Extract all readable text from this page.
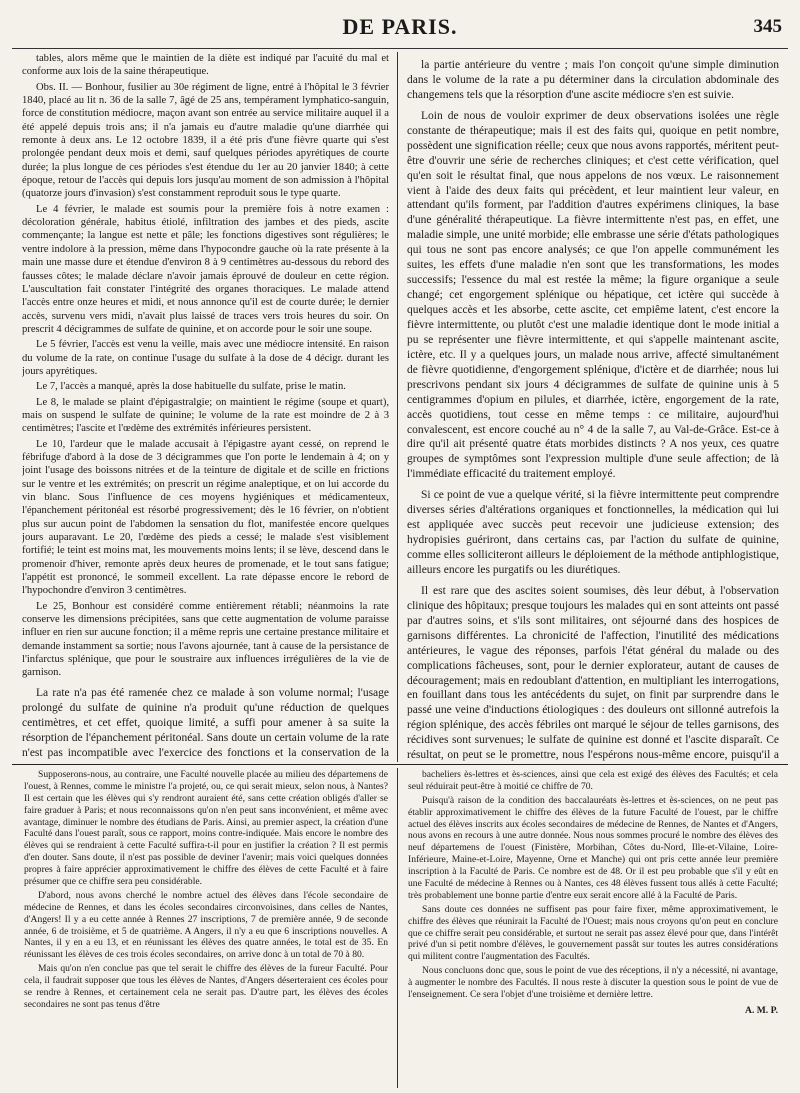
DE PARIS.	345

tables, alors même que le maintien de la diète est indiqué par l'acuité du mal et conforme aux lois de la saine thérapeutique.

Obs. II. — Bonhour, fusilier au 30e régiment de ligne, entré à l'hôpital le 3 février 1840, placé au lit n. 36 de la salle 7, âgé de 25 ans, tempérament lymphatico-sanguin, force de constitution médiocre, maçon avant son entrée au service militaire auquel il a été appelé depuis trois ans; il n'a jamais eu d'autre maladie qu'une diarrhée qui remonte à deux ans. Le 12 octobre 1839, il a été pris d'une fièvre quarte qui s'est prolongée pendant deux mois et demi, sauf quelques périodes apyrétiques de courte durée; la plus longue de ces périodes s'est étendue du 1er au 20 janvier 1840; à cette époque, retour de l'accès qui depuis lors jusqu'au moment de son admission à l'hôpital (quatorze jours d'invasion) s'est constamment reproduit sous le type quarte.

Le 4 février, le malade est soumis pour la première fois à notre examen : décoloration générale, habitus étiolé, infiltration des jambes et des pieds, ascite commençante; la langue est nette et pâle; les fonctions digestives sont régulières; le ventre indolore à la pression, même dans l'hypocondre gauche où la rate présente à la main une masse dure et étendue d'environ 8 à 9 centimètres au-dessous du rebord des fausses côtes; le malade déclare n'avoir jamais éprouvé de douleur en cette région. L'auscultation fait constater l'intégrité des organes thoraciques. Le malade attend l'accès entre onze heures et midi, et nous annonce qu'il est de courte durée; le dernier accès, survenu vers midi, n'avait plus laissé de traces vers trois heures du soir. On prescrit 4 décigrammes de sulfate de quinine, et on accorde pour le soir une soupe.

Le 5 février, l'accès est venu la veille, mais avec une médiocre intensité. En raison du volume de la rate, on continue l'usage du sulfate à la dose de 4 décigr. durant les jours apyrétiques.

Le 7, l'accès a manqué, après la dose habituelle du sulfate, prise le matin.

Le 8, le malade se plaint d'épigastralgie; on maintient le régime (soupe et quart), mais on suspend le sulfate de quinine; le volume de la rate est moindre de 2 à 3 centimètres; l'ascite et l'œdème des extrémités inférieures persistent.

Le 10, l'ardeur que le malade accusait à l'épigastre ayant cessé, on reprend le fébrifuge d'abord à la dose de 3 décigrammes que l'on porte le lendemain à 4; on y joint l'usage des boissons nitrées et de la teinture de digitale et de scille en frictions sur le ventre et les extrémités; on prescrit un régime analeptique, et on lui accorde du vin blanc. Sous l'influence de ces moyens hygiéniques et médicamenteux, l'épanchement péritonéal est résorbé progressivement; dès le 16 février, on n'obtient plus sur aucun point de l'abdomen la sensation du flot, manifestée encore quelques jours auparavant. Le 20, l'œdème des pieds a cessé; le malade s'est visiblement fortifié; le teint est moins mat, les mouvements moins lents; il se lève, descend dans le promenoir d'hiver, remonte après deux heures de promenade, et le tout sans fatigue; l'appétit est prononcé, le sommeil excellent. La rate dépasse encore le rebord de l'hypochondre d'environ 3 centimètres.

Le 25, Bonhour est considéré comme entièrement rétabli; néanmoins la rate conserve les dimensions précipitées, sans que cette augmentation de volume paraisse influer en rien sur aucune fonction; il a même repris une certaine prestance militaire et demande instamment sa sortie; nous l'avons ajournée, tant à cause de la persistance de l'infarctus splénique, que pour le soustraire aux influences irrégulières de la vie de garnison.

La rate n'a pas été ramenée chez ce malade à son volume normal; l'usage prolongé du sulfate de quinine n'a produit qu'une réduction de quelques centimètres, et cet effet, quoique limité, a suffi pour amener à sa suite la résorption de l'épanchement péritonéal. Sans doute un certain volume de la rate n'est pas incompatible avec l'exercice des fonctions et la conservation de la

la partie antérieure du ventre ; mais l'on conçoit qu'une simple diminution dans le volume de la rate a pu déterminer dans la circulation abdominale des changemens tels que la résorption d'une ascite médiocre s'en est suivie.

Loin de nous de vouloir exprimer de deux observations isolées une règle constante de thérapeutique; mais il est des faits qui, quoique en petit nombre, possèdent une signification réelle; ceux que nous avons rapportés, méritent peut-être d'ouvrir une série de recherches cliniques; et c'est cette vérification, quel qu'en soit le résultat final, que nous appelons de nos vœux. Le raisonnement vient à l'aide des deux faits qui précèdent, et leur maintient leur valeur, en attendant qu'ils forment, par l'addition d'autres expérimens cliniques, la base d'une généralité thérapeutique. La fièvre intermittente n'est pas, en effet, une maladie simple, une unité morbide; elle embrasse une série d'états pathologiques qui tous ne sont pas encore analysés; ce que l'on appelle communément les suites, les effets d'une maladie n'en sont que les transformations, les modes successifs; l'essence du mal est restée la même; la figure organique a seule changé; cet engorgement splénique ou hépatique, cet ictère qui succède à quelques accès et les absorbe, cette ascite, cet empiême latent, c'est encore la fièvre intermittente, ou plutôt c'est une maladie identique dont le mode initial a pu se représenter une fièvre intermittente, et qui s'appelle maintenant ascite, ictère, etc. Il y a quelques jours, un malade nous arrive, affecté simultanément de fièvre quotidienne, d'engorgement splénique, d'ictère et de diarrhée; nous lui prescrivons pendant six jours 4 décigrammes de sulfate de quinine unis à 5 centigrammes d'opium en pilules, et diarrhée, ictère, engorgement de la rate, accès quotidiens, tout cesse en même temps : ce militaire, aujourd'hui convalescent, est encore couché au n° 4 de la salle 7, au Val-de-Grâce. Est-ce à dire qu'il ait présenté quatre états morbides distincts ? A nos yeux, ces quatre groupes de symptômes sont l'expression multiple d'une seule affection; de là l'immédiate efficacité du traitement employé.

Si ce point de vue a quelque vérité, si la fièvre intermittente peut comprendre diverses séries d'altérations organiques et fonctionnelles, la médication qui lui est appliquée avec succès peut recevoir une judicieuse extension; des hydropisies guériront, dans certains cas, par l'action du sulfate de quinine, comme elles solliciteront ailleurs le déploiement de la méthode antiphlogistique, ailleurs encore les purgatifs ou les diurétiques.

Il est rare que des ascites soient soumises, dès leur début, à l'observation clinique des hôpitaux; presque toujours les malades qui en sont atteints ont passé par d'autres soins, et s'ils sont militaires, ont séjourné dans des hospices de garnisons différentes. La chronicité de l'affection, l'inutilité des médications antérieures, le vague des réponses, parfois l'état général du malade ou des complications fâcheuses, sont, pour le dernier explorateur, autant de causes de découragement; mais en redoublant d'attention, en multipliant les interrogations, en fouillant dans tous les antécédents du sujet, on finit par surprendre dans le passé une veine d'inductions étiologiques : des douleurs ont sillonné autrefois la région splénique, des accès fébriles ont marqué le séjour de telles garnisons, des récidives sont survenues; le sulfate de quinine est donné et l'ascite disparaît. Ce résultat, on peut se le promettre, nous l'espérons nous-même encore, puisqu'il a

Supposerons-nous, au contraire, une Faculté nouvelle placée au milieu des départemens de l'ouest, à Rennes, comme le ministre l'a projeté, ou, ce qui serait mieux, selon nous, à Nantes? Il est certain que les élèves qui s'y rendront auraient été, sans cette création obligés d'aller se faire graduer à Paris; et nous reconnaissons qu'on n'en peut sans inconvénient, et même avec avantage, diminuer le nombre des étudians de Paris. Ainsi, au premier aspect, la création d'une Faculté dans l'ouest paraît, sous ce rapport, moins contre-indiquée. Mais encore le nombre des élèves qui se rendraient à cette Faculté suffira-t-il pour en justifier la création ? Il est permis d'en douter. Sans doute, il n'est pas possible de deviner l'avenir; mais voici quelques données propres à faire apprécier approximativement le chiffre des élèves de cette Faculté et à faire présumer que ce chiffre sera peu considérable.

D'abord, nous avons cherché le nombre actuel des élèves dans l'école secondaire de médecine de Rennes, et dans les écoles secondaires circonvoisines, dans celles de Nantes, d'Angers! Il y a eu cette année à Rennes 27 inscriptions, 7 de première année, 9 de seconde année, 6 de troisième, et 5 de quatrième. A Angers, il n'y a eu que 6 inscriptions nouvelles. A Nantes, il y en a eu 13, et en réunissant les élèves des quatre années, le total est de 35. En réunissant les élèves de ces trois écoles secondaires, on arrive donc à un total de 70 à 80.

Mais qu'on n'en conclue pas que tel serait le chiffre des élèves de la fureur Faculté. Pour cela, il faudrait supposer que tous les élèves de Nantes, d'Angers déserteraient ces écoles pour se rendre à Rennes, et certainement cela ne serait pas. D'autre part, les élèves des écoles secondaires ne sont pas tenus d'être

bacheliers ès-lettres et ès-sciences, ainsi que cela est exigé des élèves des Facultés; et cela seul réduirait peut-être à moitié ce chiffre de 70.

Puisqu'à raison de la condition des baccalauréats ès-lettres et ès-sciences, on ne peut pas établir approximativement le chiffre des élèves de la future Faculté de l'ouest, par le chiffre actuel des élèves inscrits aux écoles secondaires de médecine de Rennes, de Nantes et d'Angers, nous avons en recours à une autre donnée. Nous nous sommes procuré le nombre des élèves des neuf départemens de l'ouest (Finistère, Morbihan, Côtes du-Nord, Ille-et-Vilaine, Loire-Inférieure, Maine-et-Loire, Mayenne, Orne et Manche) qui ont pris cette année leur première inscription à la Faculté de Paris. Ce nombre est de 48. Or il est peu probable que s'il y eût en une Faculté de médecine à Rennes ou à Nantes, ces 48 élèves fussent tous allés à cette Faculté; très probablement une bonne partie d'entre eux serait encore allé à la Faculté de Paris.

Sans doute ces données ne suffisent pas pour faire fixer, même approximativement, le chiffre des élèves que réunirait la Faculté de l'Ouest; mais nous croyons qu'on peut en conclure que ce chiffre serait peu considérable, et surtout ne serait pas assez élevé pour que, dans l'intérêt privé d'un si petit nombre d'élèves, le gouvernement passât sur toutes les autres considérations qui militent contre l'augmentation des Facultés.

Nous concluons donc que, sous le point de vue des réceptions, il n'y a nécessité, ni avantage, à augmenter le nombre des Facultés. Il nous reste à discuter la question sous le point de vue de l'enseignement. Ce sera l'objet d'une troisième et dernière lettre.

A. M. P.
